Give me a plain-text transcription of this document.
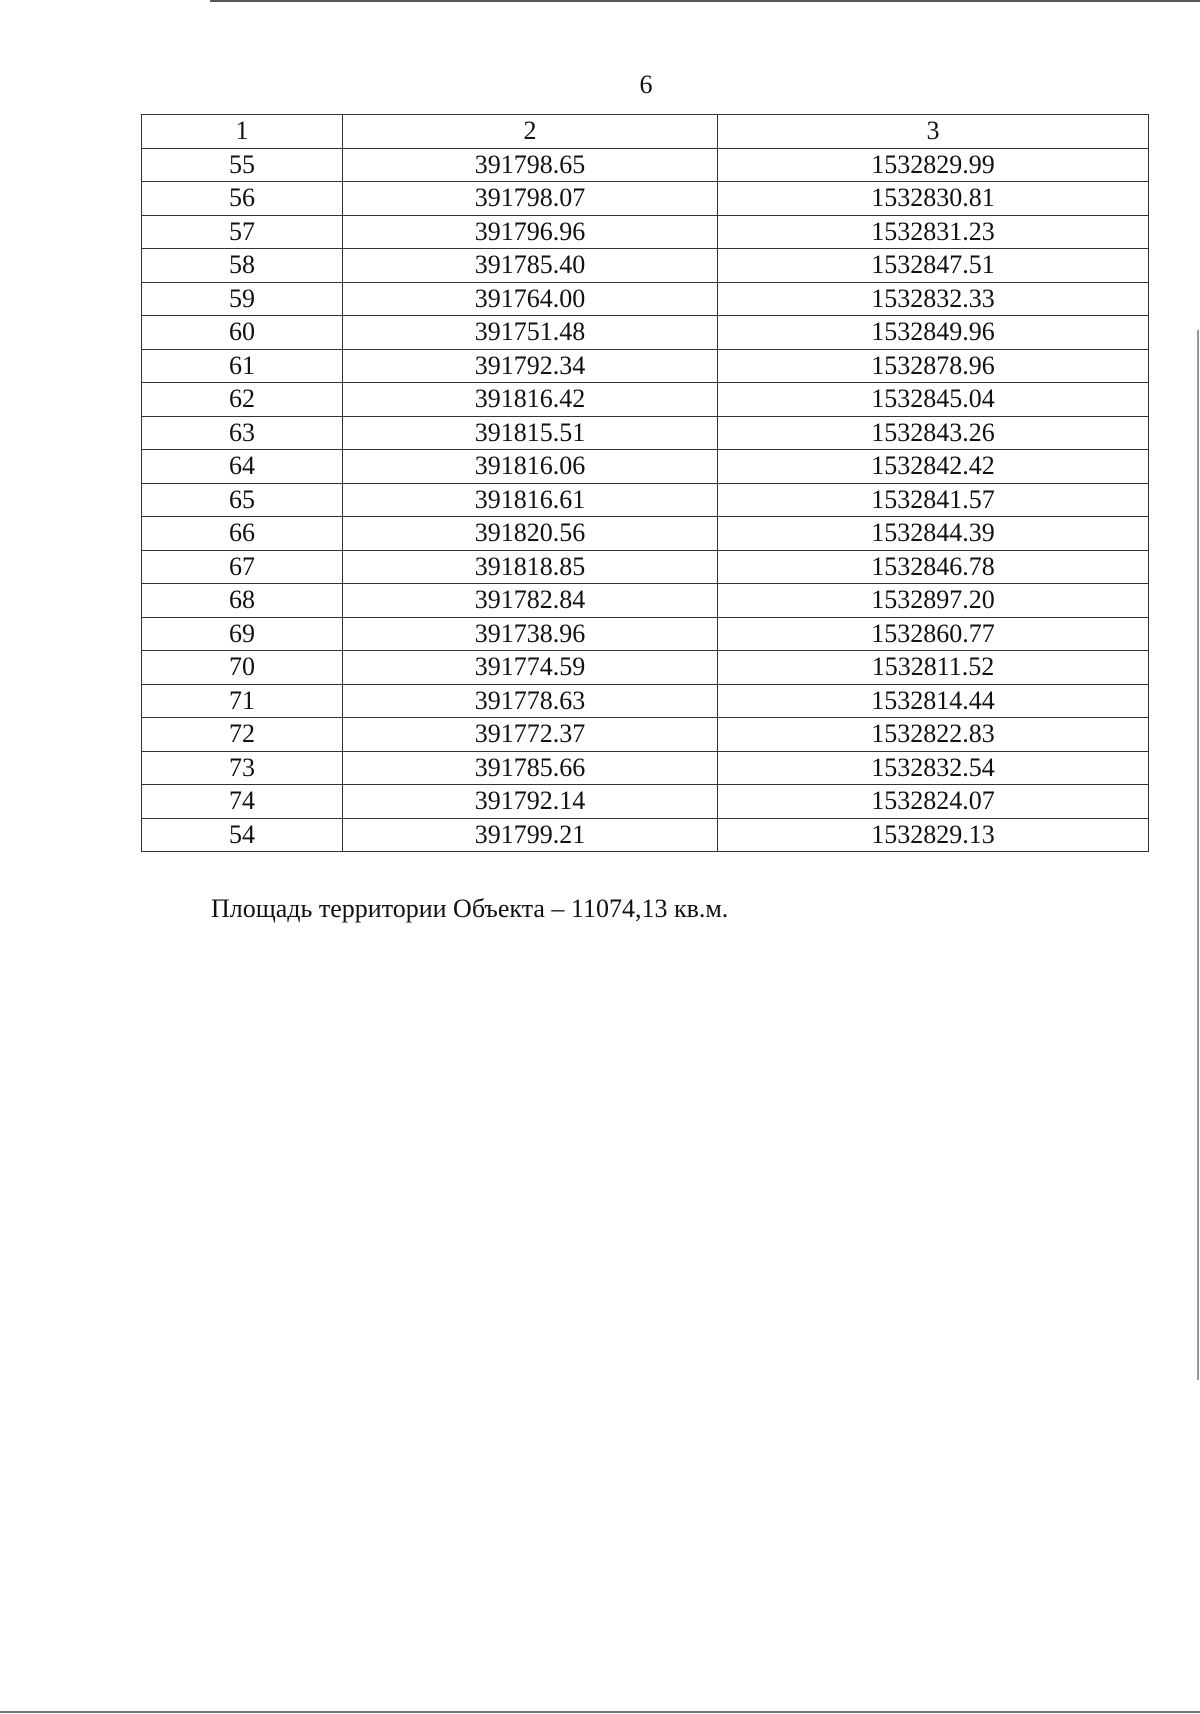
6
1	2	3
55	391798.65	1532829.99
56	391798.07	1532830.81
57	391796.96	1532831.23
58	391785.40	1532847.51
59	391764.00	1532832.33
60	391751.48	1532849.96
61	391792.34	1532878.96
62	391816.42	1532845.04
63	391815.51	1532843.26
64	391816.06	1532842.42
65	391816.61	1532841.57
66	391820.56	1532844.39
67	391818.85	1532846.78
68	391782.84	1532897.20
69	391738.96	1532860.77
70	391774.59	1532811.52
71	391778.63	1532814.44
72	391772.37	1532822.83
73	391785.66	1532832.54
74	391792.14	1532824.07
54	391799.21	1532829.13
Площадь территории Объекта – 11074,13 кв.м.
